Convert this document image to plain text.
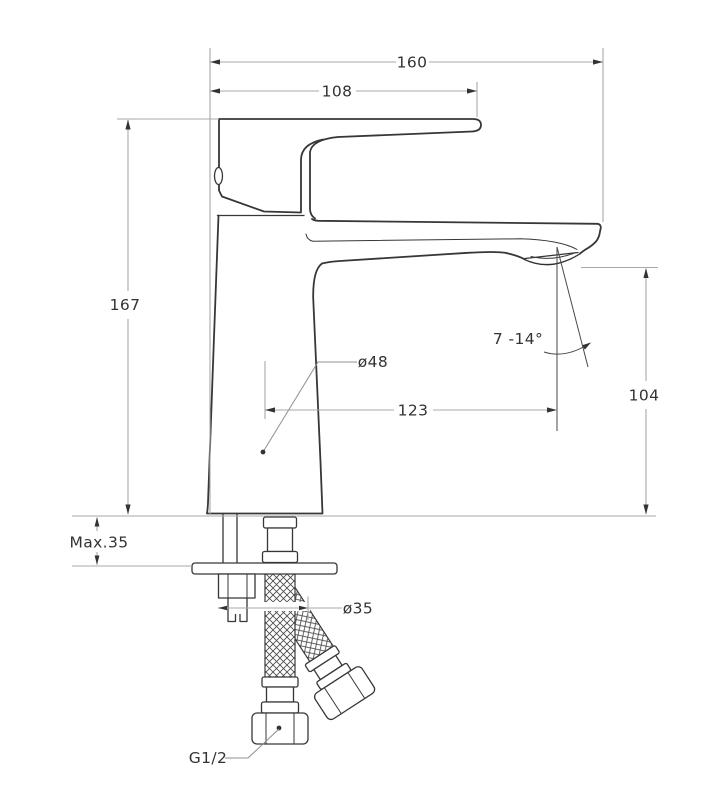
160
108
167
123
104
7 -14°
ø48
Max.35
ø35
G1/2
